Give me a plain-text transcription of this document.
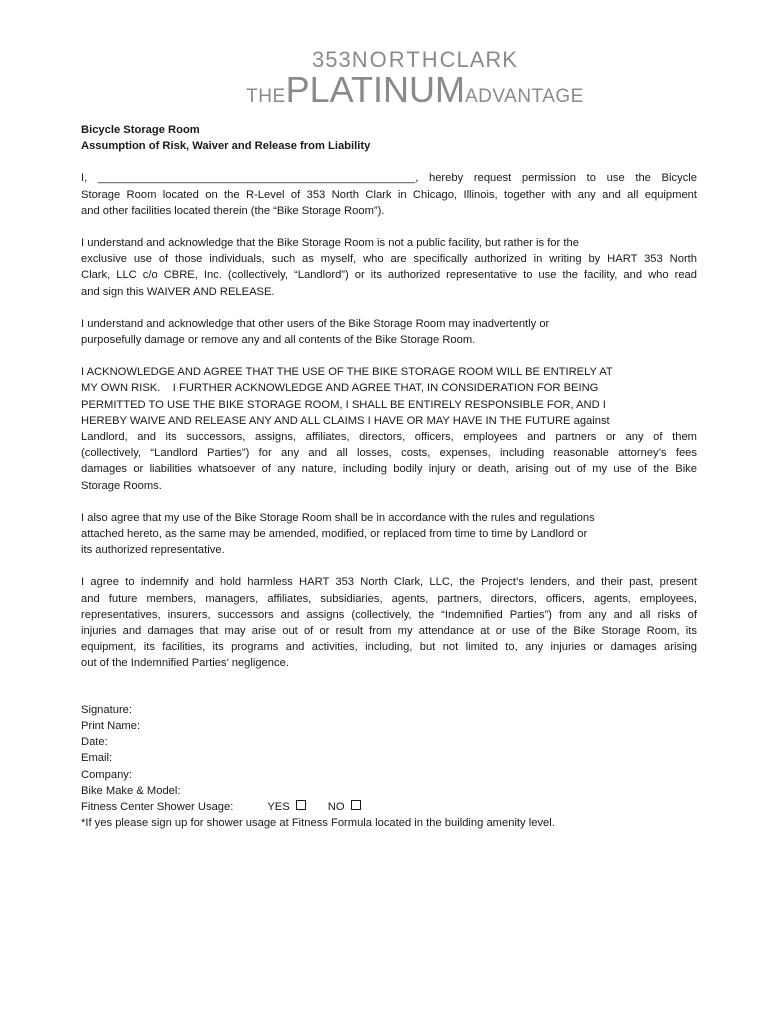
353NORTHCLARK
THEPLATINUMADVANTAGE
Bicycle Storage Room
Assumption of Risk, Waiver and Release from Liability
I, ___________________________________________________, hereby request permission to use the Bicycle
Storage Room located on the R-Level of 353 North Clark in Chicago, Illinois, together with any and all equipment
and other facilities located therein (the “Bike Storage Room”).
I understand and acknowledge that the Bike Storage Room is not a public facility, but rather is for the
exclusive use of those individuals, such as myself, who are specifically authorized in writing by HART 353 North
Clark, LLC c/o CBRE, Inc. (collectively, “Landlord”) or its authorized representative to use the facility, and who read
and sign this WAIVER AND RELEASE.
I understand and acknowledge that other users of the Bike Storage Room may inadvertently or
purposefully damage or remove any and all contents of the Bike Storage Room.
I ACKNOWLEDGE AND AGREE THAT THE USE OF THE BIKE STORAGE ROOM WILL BE ENTIRELY AT
MY OWN RISK.    I FURTHER ACKNOWLEDGE AND AGREE THAT, IN CONSIDERATION FOR BEING
PERMITTED TO USE THE BIKE STORAGE ROOM, I SHALL BE ENTIRELY RESPONSIBLE FOR, AND I
HEREBY WAIVE AND RELEASE ANY AND ALL CLAIMS I HAVE OR MAY HAVE IN THE FUTURE against
Landlord, and its successors, assigns, affiliates, directors, officers, employees and partners or any of them
(collectively, “Landlord Parties”) for any and all losses, costs, expenses, including reasonable attorney’s fees
damages or liabilities whatsoever of any nature, including bodily injury or death, arising out of my use of the Bike
Storage Rooms.
I also agree that my use of the Bike Storage Room shall be in accordance with the rules and regulations
attached hereto, as the same may be amended, modified, or replaced from time to time by Landlord or
its authorized representative.
I agree to indemnify and hold harmless HART 353 North Clark, LLC, the Project’s lenders, and their past, present
and future members, managers, affiliates, subsidiaries, agents, partners, directors, officers, agents, employees,
representatives, insurers, successors and assigns (collectively, the “Indemnified Parties”) from any and all risks of
injuries and damages that may arise out of or result from my attendance at or use of the Bike Storage Room, its
equipment, its facilities, its programs and activities, including, but not limited to, any injuries or damages arising
out of the Indemnified Parties’ negligence.
Signature:
Print Name:
Date:
Email:
Company:
Bike Make & Model:
Fitness Center Shower Usage:	YES	NO
*If yes please sign up for shower usage at Fitness Formula located in the building amenity level.
